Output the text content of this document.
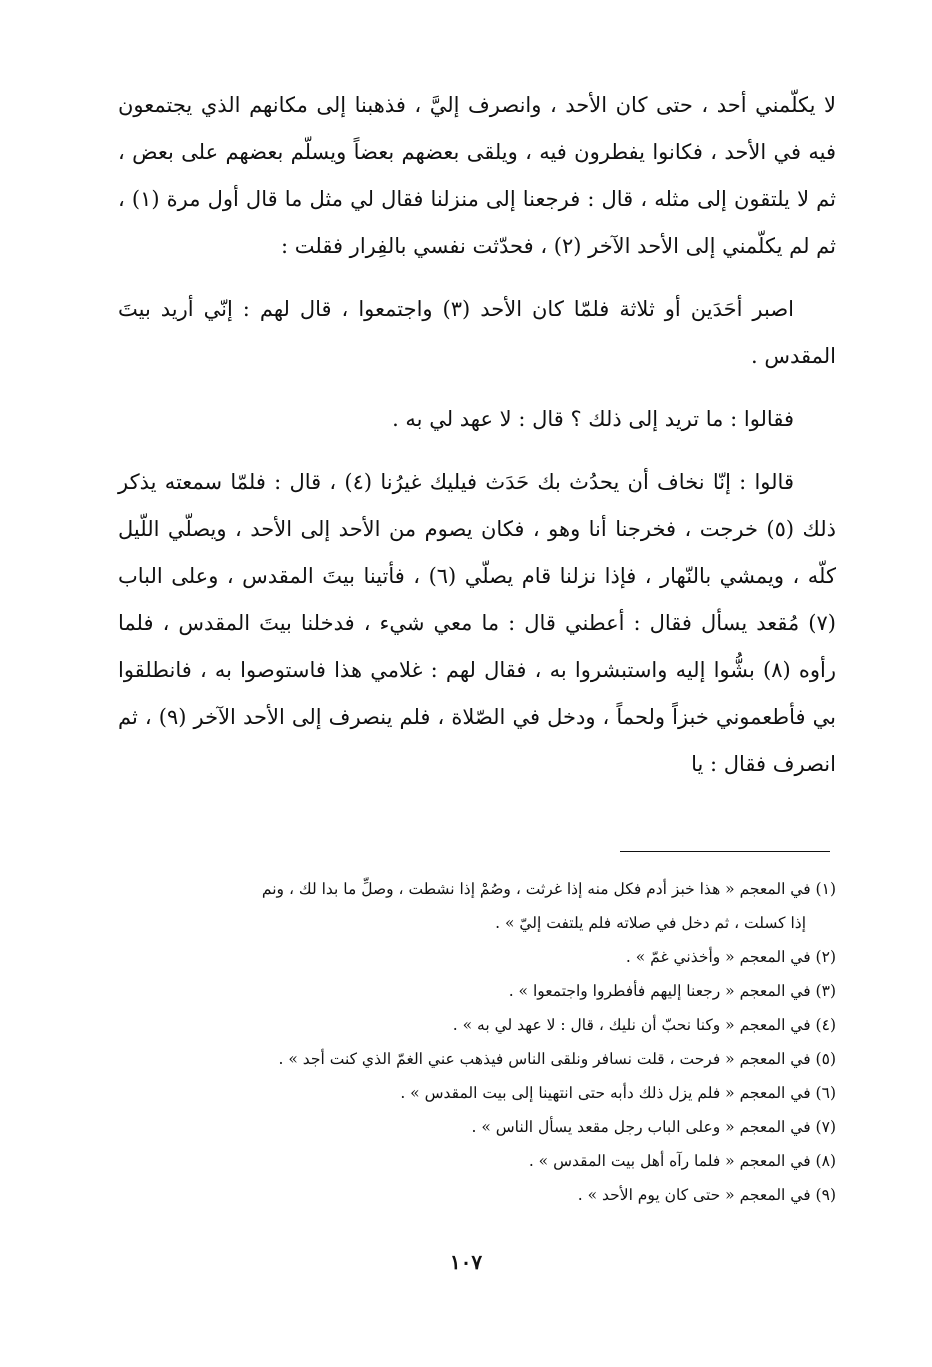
لا يكلّمني أحد ، حتى كان الأحد ، وانصرف إليَّ ، فذهبنا إلى مكانهم الذي يجتمعون فيه في الأحد ، فكانوا يفطرون فيه ، ويلقى بعضهم بعضاً ويسلّم بعضهم على بعض ، ثم لا يلتقون إلى مثله ، قال : فرجعنا إلى منزلنا فقال لي مثل ما قال أول مرة (١) ، ثم لم يكلّمني إلى الأحد الآخر (٢) ، فحدّثت نفسي بالفِرار فقلت :

اصبر أحَدَين أو ثلاثة فلمّا كان الأحد (٣) واجتمعوا ، قال لهم : إنّي أريد بيتَ المقدس .

فقالوا : ما تريد إلى ذلك ؟ قال : لا عهد لي به .

قالوا : إنّا نخاف أن يحدُث بك حَدَث فيليك غيرُنا (٤) ، قال : فلمّا سمعته يذكر ذلك (٥) خرجت ، فخرجنا أنا وهو ، فكان يصوم من الأحد إلى الأحد ، ويصلّي اللّيل كلّه ، ويمشي بالنّهار ، فإذا نزلنا قام يصلّي (٦) ، فأتينا بيتَ المقدس ، وعلى الباب (٧) مُقعد يسأل فقال : أعطني قال : ما معي شيء ، فدخلنا بيتَ المقدس ، فلما رأوه (٨) بشُّوا إليه واستبشروا به ، فقال لهم : غلامي هذا فاستوصوا به ، فانطلقوا بي فأطعموني خبزاً ولحماً ، ودخل في الصّلاة ، فلم ينصرف إلى الأحد الآخر (٩) ، ثم انصرف فقال : يا

(١) في المعجم « هذا خبز أدم فكل منه إذا غرثت ، وصُمْ إذا نشطت ، وصلِّ ما بدا لك ، ونم
إذا كسلت ، ثم دخل في صلاته فلم يلتفت إليّ » .

(٢) في المعجم « وأخذني غمّ » .

(٣) في المعجم « رجعنا إليهم فأفطروا واجتمعوا » .

(٤) في المعجم « وكنا نحبّ أن نليك ، قال : لا عهد لي به » .

(٥) في المعجم « فرحت ، قلت نسافر ونلقى الناس فيذهب عني الغمّ الذي كنت أجد » .

(٦) في المعجم « فلم يزل ذلك دأبه حتى انتهينا إلى بيت المقدس » .

(٧) في المعجم « وعلى الباب رجل مقعد يسأل الناس » .

(٨) في المعجم « فلما رآه أهل بيت المقدس » .

(٩) في المعجم « حتى كان يوم الأحد » .

١٠٧
